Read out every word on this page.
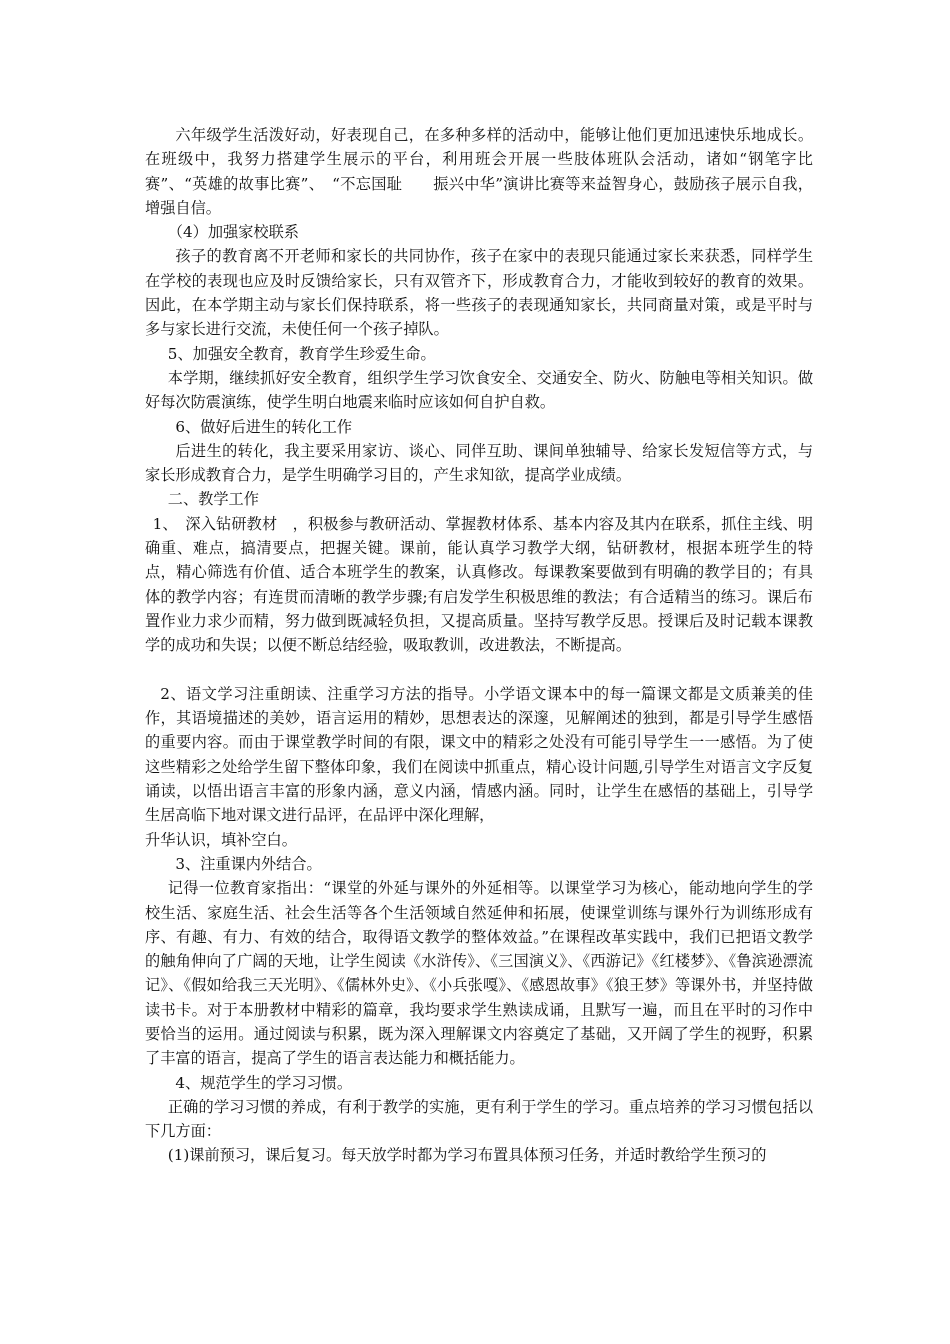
六年级学生活泼好动，好表现自己，在多种多样的活动中，能够让他们更加迅速快乐地成长。在班级中，我努力搭建学生展示的平台，利用班会开展一些肢体班队会活动，诸如“钢笔字比赛”、“英雄的故事比赛”、　“不忘国耻　　振兴中华”演讲比赛等来益智身心，鼓励孩子展示自我，增强自信。

（4）加强家校联系

孩子的教育离不开老师和家长的共同协作，孩子在家中的表现只能通过家长来获悉，同样学生在学校的表现也应及时反馈给家长，只有双管齐下，形成教育合力，才能收到较好的教育的效果。因此，在本学期主动与家长们保持联系，将一些孩子的表现通知家长，共同商量对策，或是平时与多与家长进行交流，未使任何一个孩子掉队。

5、加强安全教育，教育学生珍爱生命。

本学期，继续抓好安全教育，组织学生学习饮食安全、交通安全、防火、防触电等相关知识。做好每次防震演练，使学生明白地震来临时应该如何自护自救。

6、做好后进生的转化工作

后进生的转化，我主要采用家访、谈心、同伴互助、课间单独辅导、给家长发短信等方式，与家长形成教育合力，是学生明确学习目的，产生求知欲，提高学业成绩。

二、教学工作

1、　深入钻研教材　，积极参与教研活动、掌握教材体系、基本内容及其内在联系，抓住主线、明确重、难点，搞清要点，把握关键。课前，能认真学习教学大纲，钻研教材，根据本班学生的特点，精心筛选有价值、适合本班学生的教案，认真修改。每课教案要做到有明确的教学目的；有具体的教学内容；有连贯而清晰的教学步骤;有启发学生积极思维的教法；有合适精当的练习。课后布置作业力求少而精，努力做到既减轻负担，又提高质量。坚持写教学反思。授课后及时记载本课教学的成功和失误；以便不断总结经验，吸取教训，改进教法，不断提高。

2、语文学习注重朗读、注重学习方法的指导。小学语文课本中的每一篇课文都是文质兼美的佳作，其语境描述的美妙，语言运用的精妙，思想表达的深邃，见解阐述的独到，都是引导学生感悟的重要内容。而由于课堂教学时间的有限，课文中的精彩之处没有可能引导学生一一感悟。为了使这些精彩之处给学生留下整体印象，我们在阅读中抓重点，精心设计问题,引导学生对语言文字反复诵读，以悟出语言丰富的形象内涵，意义内涵，情感内涵。同时，让学生在感悟的基础上，引导学生居高临下地对课文进行品评，在品评中深化理解，

升华认识，填补空白。

3、注重课内外结合。

记得一位教育家指出：“课堂的外延与课外的外延相等。以课堂学习为核心，能动地向学生的学校生活、家庭生活、社会生活等各个生活领域自然延伸和拓展，使课堂训练与课外行为训练形成有序、有趣、有力、有效的结合，取得语文教学的整体效益。”在课程改革实践中，我们已把语文教学的触角伸向了广阔的天地，让学生阅读《水浒传》、《三国演义》、《西游记》《红楼梦》、《鲁滨逊漂流记》、《假如给我三天光明》、《儒林外史》、《小兵张嘎》、《感恩故事》《狼王梦》等课外书，并坚持做读书卡。对于本册教材中精彩的篇章，我均要求学生熟读成诵，且默写一遍，而且在平时的习作中要恰当的运用。通过阅读与积累，既为深入理解课文内容奠定了基础，又开阔了学生的视野，积累了丰富的语言，提高了学生的语言表达能力和概括能力。

4、规范学生的学习习惯。

正确的学习习惯的养成，有利于教学的实施，更有利于学生的学习。重点培养的学习习惯包括以下几方面：

(1)课前预习，课后复习。每天放学时都为学习布置具体预习任务，并适时教给学生预习的
